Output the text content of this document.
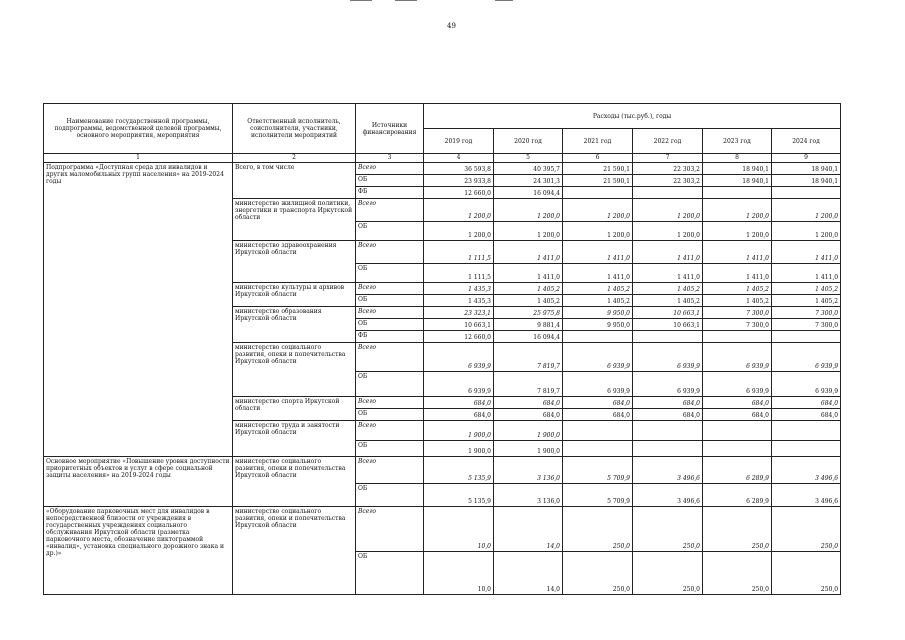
49
Наименование государственной программы, подпрограммы, ведомственной целевой программы, основного мероприятия, мероприятия	Ответственный исполнитель, соисполнители, участники, исполнители мероприятий	Источники финансирования	Расходы (тыс.руб.), годы					
			2019 год	2020 год	2021 год	2022 год	2023 год	2024 год
1	2	3	4	5	6	7	8	9
Подпрограмма «Доступная среда для инвалидов и других маломобильных групп населения» на 2019-2024 годы	Всего, в том числе	Всего	36 593,8	40 395,7	21 590,1	22 303,2	18 940,1	18 940,1
		ОБ	23 933,8	24 301,3	21 590,1	22 303,2	18 940,1	18 940,1
		ФБ	12 660,0	16 094,4				
	министерство жилищной политики, энергетики и транспорта Иркутской области	Всего	1 200,0	1 200,0	1 200,0	1 200,0	1 200,0	1 200,0
		ОБ	1 200,0	1 200,0	1 200,0	1 200,0	1 200,0	1 200,0
	министерство здравоохранения Иркутской области	Всего	1 111,5	1 411,0	1 411,0	1 411,0	1 411,0	1 411,0
		ОБ	1 111,5	1 411,0	1 411,0	1 411,0	1 411,0	1 411,0
	министерство культуры и архивов Иркутской области	Всего	1 435,3	1 405,2	1 405,2	1 405,2	1 405,2	1 405,2
		ОБ	1 435,3	1 405,2	1 405,2	1 405,2	1 405,2	1 405,2
	министерство образования Иркутской области	Всего	23 323,1	25 975,8	9 950,0	10 663,1	7 300,0	7 300,0
		ОБ	10 663,1	9 881,4	9 950,0	10 663,1	7 300,0	7 300,0
		ФБ	12 660,0	16 094,4				
	министерство социального развития, опеки и попечительства Иркутской области	Всего	6 939,9	7 819,7	6 939,9	6 939,9	6 939,9	6 939,9
		ОБ	6 939,9	7 819,7	6 939,9	6 939,9	6 939,9	6 939,9
	министерство спорта Иркутской области	Всего	684,0	684,0	684,0	684,0	684,0	684,0
		ОБ	684,0	684,0	684,0	684,0	684,0	684,0
	министерство труда и занятости Иркутской области	Всего	1 900,0	1 900,0				
		ОБ	1 900,0	1 900,0				
Основное мероприятие «Повышение уровня доступности приоритетных объектов и услуг в сфере социальной защиты населения» на 2019-2024 годы	министерство социального развития, опеки и попечительства Иркутской области	Всего	5 135,9	3 136,0	5 709,9	3 496,6	6 289,9	3 496,6
		ОБ	5 135,9	3 136,0	5 709,9	3 496,6	6 289,9	3 496,6
«Оборудование парковочных мест для инвалидов в непосредственной близости от учреждения в государственных учреждениях социального обслуживания Иркутской области (разметка парковочного места, обозначение пиктограммой «инвалид», установка специального дорожного знака и др.)»	министерство социального развития, опеки и попечительства Иркутской области	Всего	10,0	14,0	250,0	250,0	250,0	250,0
		ОБ	10,0	14,0	250,0	250,0	250,0	250,0
